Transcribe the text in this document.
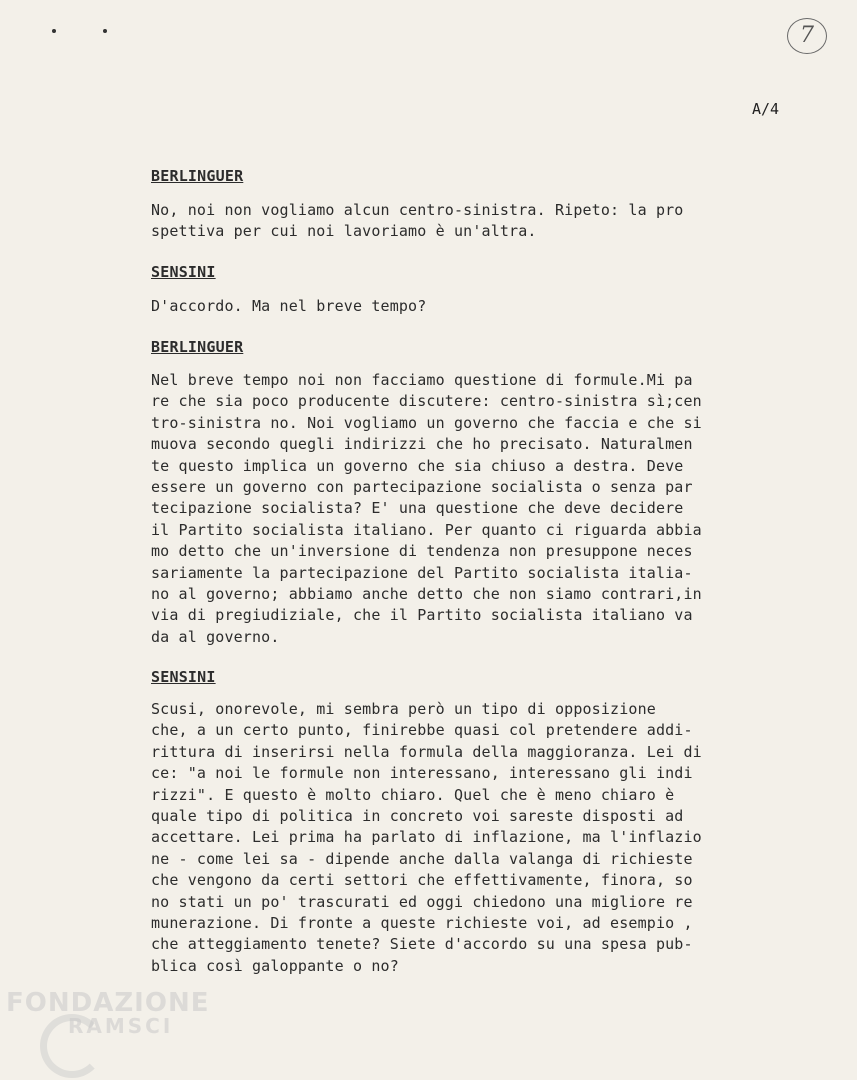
7
A/4
BERLINGUER
No, noi non vogliamo alcun centro-sinistra. Ripeto: la pro
spettiva per cui noi lavoriamo è un'altra.
SENSINI
D'accordo. Ma nel breve tempo?
BERLINGUER
Nel breve tempo noi non facciamo questione di formule.Mi pa
re che sia poco producente discutere: centro-sinistra sì;cen
tro-sinistra no. Noi vogliamo un governo che faccia e che si
muova secondo quegli indirizzi che ho precisato. Naturalmen
te questo implica un governo che sia chiuso a destra. Deve
essere un governo con partecipazione socialista o senza par
tecipazione socialista? E' una questione che deve decidere
il Partito socialista italiano. Per quanto ci riguarda abbia
mo detto che un'inversione di tendenza non presuppone neces
sariamente la partecipazione del Partito socialista italia-
no al governo; abbiamo anche detto che non siamo contrari,in
via di pregiudiziale, che il Partito socialista italiano va
da al governo.
SENSINI
Scusi, onorevole, mi sembra però un tipo di opposizione
che, a un certo punto, finirebbe quasi col pretendere addi-
rittura di inserirsi nella formula della maggioranza. Lei di
ce: "a noi le formule non interessano, interessano gli indi
rizzi". E questo è molto chiaro. Quel che è meno chiaro è
quale tipo di politica in concreto voi sareste disposti ad
accettare. Lei prima ha parlato di inflazione, ma l'inflazio
ne - come lei sa - dipende anche dalla valanga di richieste
che vengono da certi settori che effettivamente, finora, so
no stati un po' trascurati ed oggi chiedono una migliore re
munerazione. Di fronte a queste richieste voi, ad esempio ,
che atteggiamento tenete? Siete d'accordo su una spesa pub-
blica così galoppante o no?
FONDAZIONE
RAMSCI
